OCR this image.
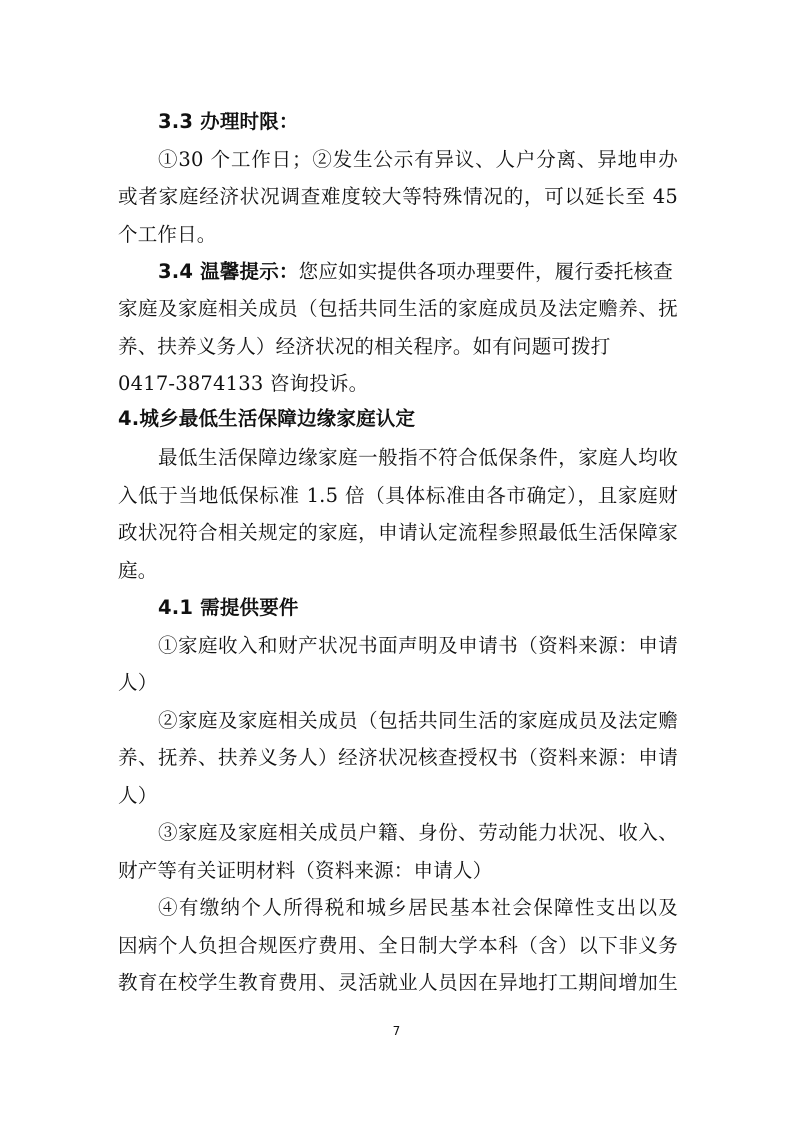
3.3 办理时限：
①30 个工作日；②发生公示有异议、人户分离、异地申办
或者家庭经济状况调查难度较大等特殊情况的，可以延长至 45
个工作日。
3.4 温馨提示：您应如实提供各项办理要件，履行委托核查
家庭及家庭相关成员（包括共同生活的家庭成员及法定赡养、抚
养、扶养义务人）经济状况的相关程序。如有问题可拨打
0417-3874133 咨询投诉。
4.城乡最低生活保障边缘家庭认定
最低生活保障边缘家庭一般指不符合低保条件，家庭人均收
入低于当地低保标准 1.5 倍（具体标准由各市确定），且家庭财
政状况符合相关规定的家庭，申请认定流程参照最低生活保障家
庭。
4.1 需提供要件
①家庭收入和财产状况书面声明及申请书（资料来源：申请
人）
②家庭及家庭相关成员（包括共同生活的家庭成员及法定赡
养、抚养、扶养义务人）经济状况核查授权书（资料来源：申请
人）
③家庭及家庭相关成员户籍、身份、劳动能力状况、收入、
财产等有关证明材料（资料来源：申请人）
④有缴纳个人所得税和城乡居民基本社会保障性支出以及
因病个人负担合规医疗费用、全日制大学本科（含）以下非义务
教育在校学生教育费用、灵活就业人员因在异地打工期间增加生
7
